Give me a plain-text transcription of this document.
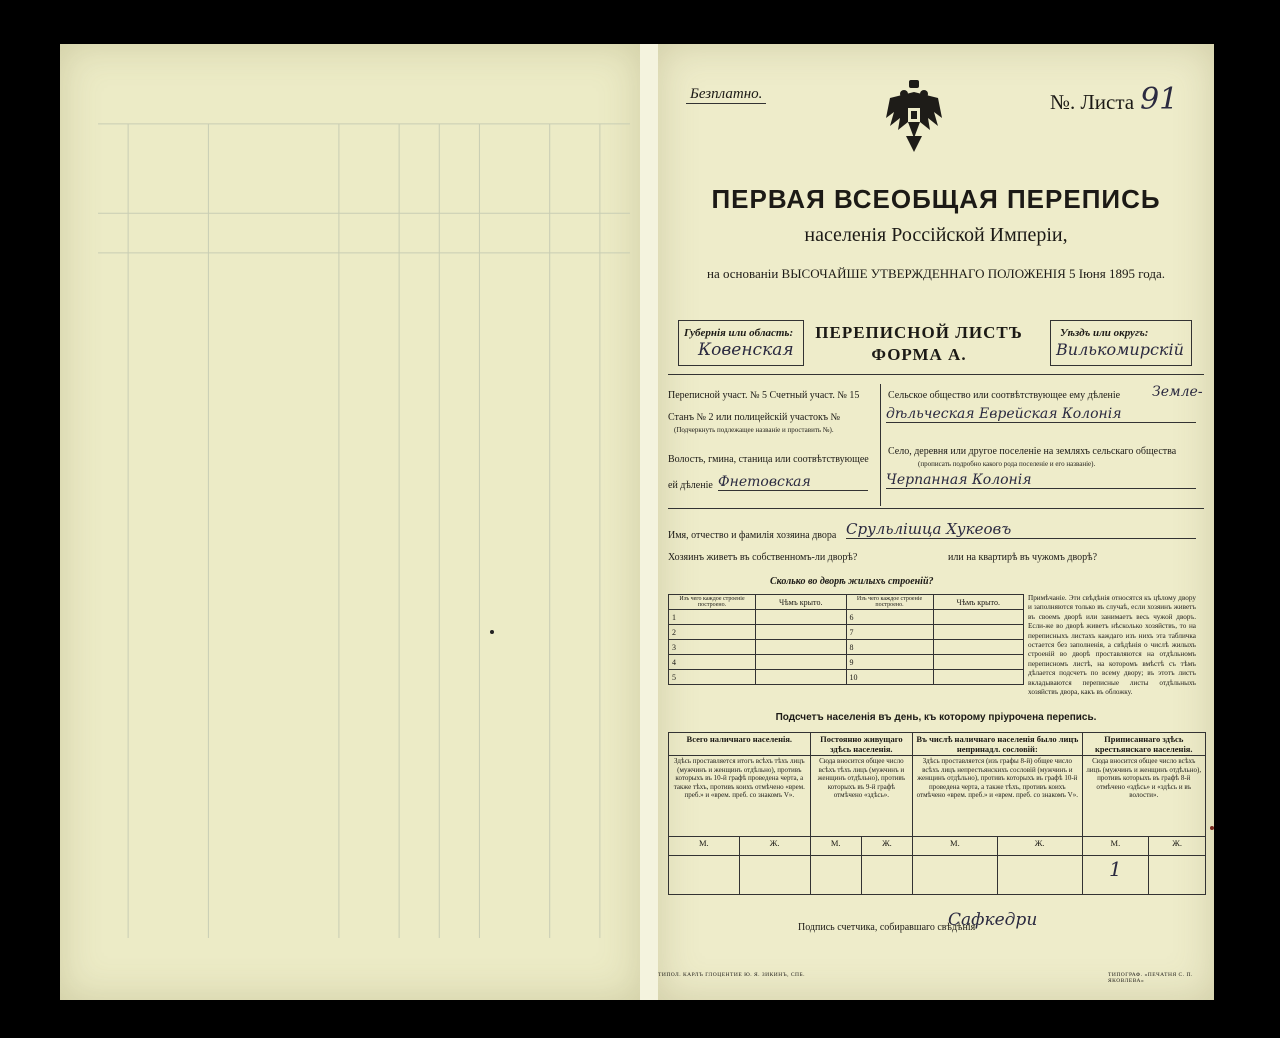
Безплатно.	№. Листа 91
ПЕРВАЯ ВСЕОБЩАЯ ПЕРЕПИСЬ
населенія Россійской Имперіи,
на основаніи ВЫСОЧАЙШЕ УТВЕРЖДЕННАГО ПОЛОЖЕНІЯ 5 Іюня 1895 года.
Губернія или область:
Ковенская
ПЕРЕПИСНОЙ ЛИСТЪ
ФОРМА А.
Уѣздъ или округъ:
Вилькомирскій
Переписной участ. № 5 Счетный участ. № 15
Станъ № 2 или полицейскій участокъ №
(Подчеркнуть подлежащее названіе и проставить №).
Волость, гмина, станица или соотвѣтствующее
ей дѣленіе Фнетовская
Сельское общество или соотвѣтствующее ему дѣленіе	Земле-
дѣльческая Еврейская Колонія
Село, деревня или другое поселеніе на земляхъ сельскаго общества
(прописать подробно какого рода поселеніе и его названіе).
Черпанная Колонія
Имя, отчество и фамилія хозяина двора Срульлішца Хукеовъ
Хозяинъ живетъ въ собственномъ-ли дворѣ?	или на квартирѣ въ чужомъ дворѣ?
Сколько во дворѣ жилыхъ строеній?
Изъ чего каждое строеніе построено.	Чѣмъ крыто.	Изъ чего каждое строеніе построено.	Чѣмъ крыто.
1		6	
2		7	
3		8	
4		9	
5		10	
Примѣчаніе. Эти свѣдѣнія относятся къ цѣлому двору и заполняются только въ случаѣ, если хозяинъ живетъ въ своемъ дворѣ или занимаетъ весь чужой дворъ. Если-же во дворѣ живетъ нѣсколько хозяйствъ, то на переписныхъ листахъ каждаго изъ нихъ эта табличка остается без заполненія, а свѣдѣнія о числѣ жилыхъ строеній во дворѣ проставляются на отдѣльномъ переписномъ листѣ, на которомъ вмѣстѣ съ тѣмъ дѣлается подсчетъ по всему двору; въ этотъ листъ вкладываются переписные листы отдѣльныхъ хозяйствъ двора, какъ въ обложку.
Подсчетъ населенія въ день, къ которому пріурочена перепись.
Всего наличнаго населенія.		Постоянно живущаго здѣсь населенія.		Въ числѣ наличнаго населенія было лицъ непринадл. сословій:		Приписаннаго здѣсь крестьянскаго населенія.	
Здѣсь проставляется итогъ всѣхъ тѣхъ лицъ (мужчинъ и женщинъ отдѣльно), противъ которыхъ въ 10-й графѣ проведена черта, а также тѣхъ, противъ коихъ отмѣчено «врем. преб.» и «врем. преб. со знакомъ V».		Сюда вносится общее число всѣхъ тѣхъ лицъ (мужчинъ и женщинъ отдѣльно), противъ которыхъ въ 9-й графѣ отмѣчено «здѣсь».		Здѣсь проставляется (изъ графы 8-й) общее число всѣхъ лицъ непрестьянскихъ сословій (мужчинъ и женщинъ отдѣльно), противъ которыхъ въ графѣ 10-й проведена черта, а также тѣхъ, противъ коихъ отмѣчено «врем. преб.» и «врем. преб. со знакомъ V».		Сюда вносится общее число всѣхъ лицъ (мужчинъ и женщинъ отдѣльно), противъ которыхъ въ графѣ 8-й отмѣчено «здѣсь» и «здѣсь и въ волости».	
М.	Ж.	М.	Ж.	М.	Ж.	М.	Ж.
						1	
Подпись счетчика, собиравшаго свѣдѣнія
Сафкедри
ТИПОЛ. КАРЛЪ ГЛОЦЕНТИЕ Ю. Я. ЗИКИНЪ, СПБ.	ТИПОГРАФ. «ПЕЧАТНЯ С. П. ЯКОВЛЕВА»
